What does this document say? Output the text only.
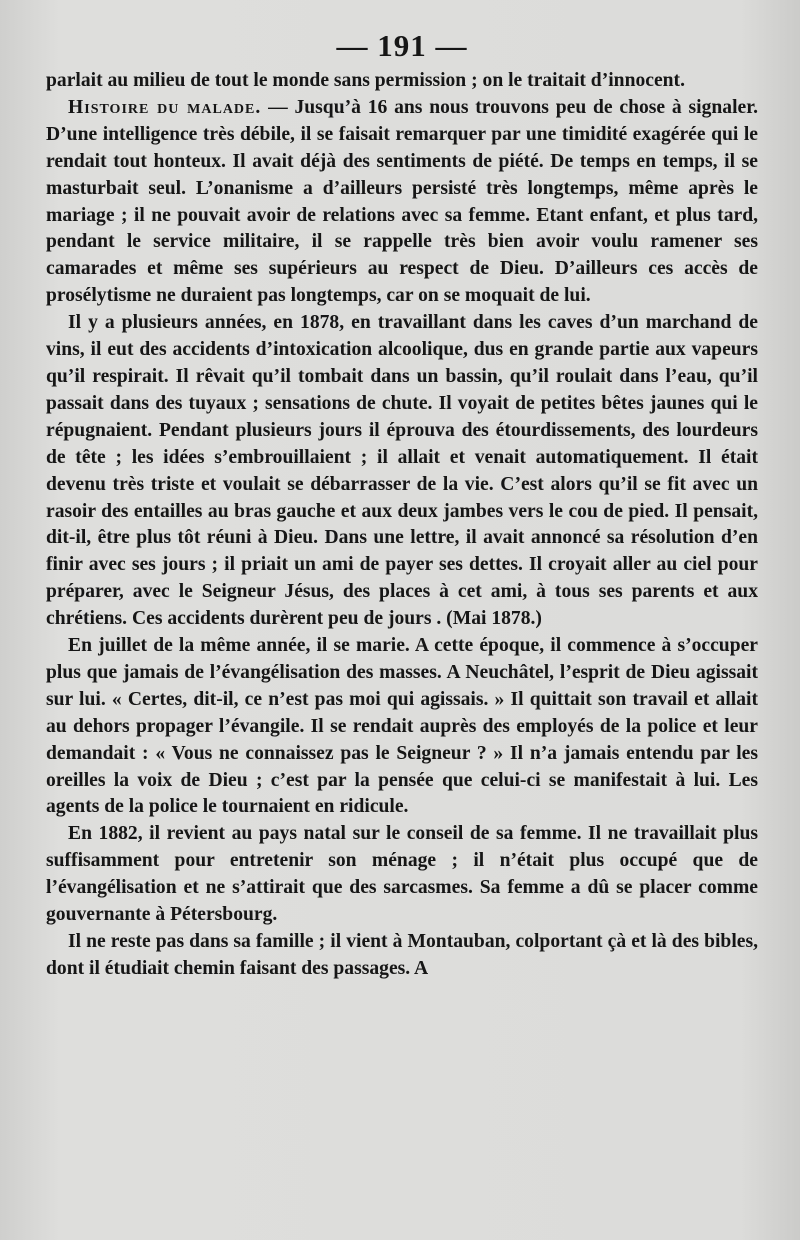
— 191 —

parlait au milieu de tout le monde sans permission ; on le traitait d’innocent.

Histoire du malade. — Jusqu’à 16 ans nous trouvons peu de chose à signaler. D’une intelligence très débile, il se faisait remarquer par une timidité exagérée qui le rendait tout honteux. Il avait déjà des sentiments de piété. De temps en temps, il se masturbait seul. L’onanisme a d’ailleurs persisté très longtemps, même après le mariage ; il ne pouvait avoir de relations avec sa femme. Etant enfant, et plus tard, pendant le service militaire, il se rappelle très bien avoir voulu ramener ses camarades et même ses supérieurs au respect de Dieu. D’ailleurs ces accès de prosélytisme ne duraient pas longtemps, car on se moquait de lui.

Il y a plusieurs années, en 1878, en travaillant dans les caves d’un marchand de vins, il eut des accidents d’intoxication alcoolique, dus en grande partie aux vapeurs qu’il respirait. Il rêvait qu’il tombait dans un bassin, qu’il roulait dans l’eau, qu’il passait dans des tuyaux ; sensations de chute. Il voyait de petites bêtes jaunes qui le répugnaient. Pendant plusieurs jours il éprouva des étourdissements, des lourdeurs de tête ; les idées s’embrouillaient ; il allait et venait automatiquement. Il était devenu très triste et voulait se débarrasser de la vie. C’est alors qu’il se fit avec un rasoir des entailles au bras gauche et aux deux jambes vers le cou de pied. Il pensait, dit-il, être plus tôt réuni à Dieu. Dans une lettre, il avait annoncé sa résolution d’en finir avec ses jours ; il priait un ami de payer ses dettes. Il croyait aller au ciel pour préparer, avec le Seigneur Jésus, des places à cet ami, à tous ses parents et aux chrétiens. Ces accidents durèrent peu de jours . (Mai 1878.)

En juillet de la même année, il se marie. A cette époque, il commence à s’occuper plus que jamais de l’évangélisation des masses. A Neuchâtel, l’esprit de Dieu agissait sur lui. « Certes, dit-il, ce n’est pas moi qui agissais. » Il quittait son travail et allait au dehors propager l’évangile. Il se rendait auprès des employés de la police et leur demandait : « Vous ne connaissez pas le Seigneur ? » Il n’a jamais entendu par les oreilles la voix de Dieu ; c’est par la pensée que celui-ci se manifestait à lui. Les agents de la police le tournaient en ridicule.

En 1882, il revient au pays natal sur le conseil de sa femme. Il ne travaillait plus suffisamment pour entretenir son ménage ; il n’était plus occupé que de l’évangélisation et ne s’attirait que des sarcasmes. Sa femme a dû se placer comme gouvernante à Pétersbourg.

Il ne reste pas dans sa famille ; il vient à Montauban, colportant çà et là des bibles, dont il étudiait chemin faisant des passages. A
